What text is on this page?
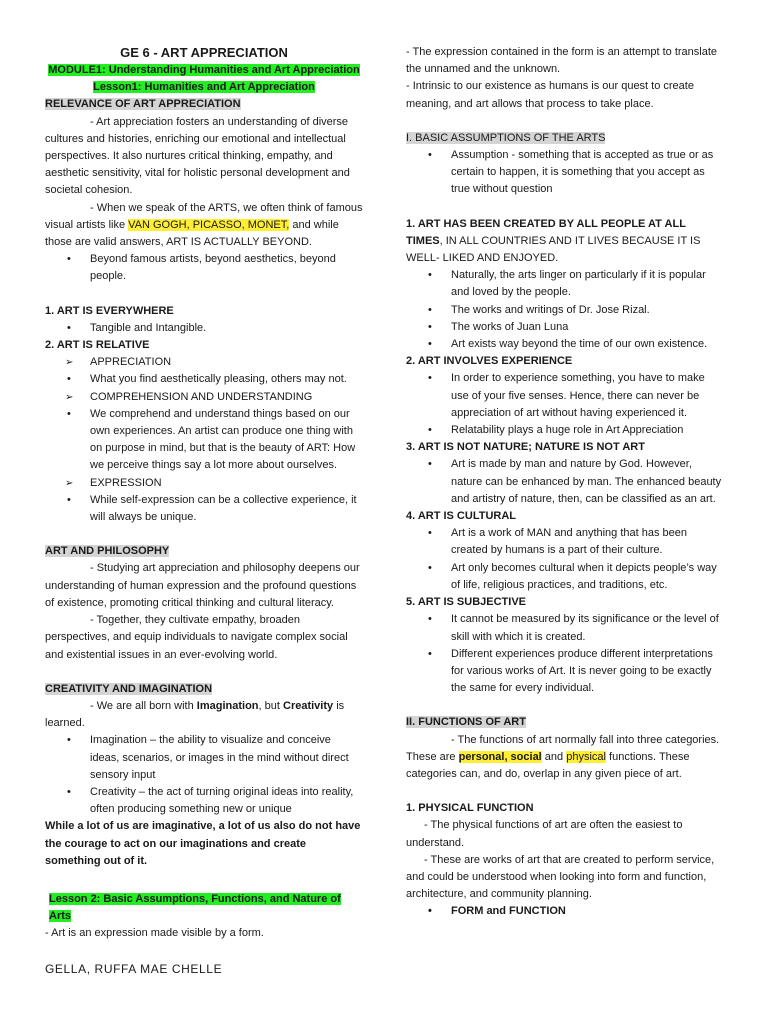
GE 6 - ART APPRECIATION

MODULE1: Understanding Humanities and Art Appreciation

Lesson1: Humanities and Art Appreciation

RELEVANCE OF ART APPRECIATION

- Art appreciation fosters an understanding of diverse cultures and histories, enriching our emotional and intellectual perspectives. It also nurtures critical thinking, empathy, and aesthetic sensitivity, vital for holistic personal development and societal cohesion.

- When we speak of the ARTS, we often think of famous visual artists like VAN GOGH, PICASSO, MONET, and while those are valid answers, ART IS ACTUALLY BEYOND.

• Beyond famous artists, beyond aesthetics, beyond people.

1. ART IS EVERYWHERE

• Tangible and Intangible.

2. ART IS RELATIVE

➢ APPRECIATION
• What you find aesthetically pleasing, others may not.
➢ COMPREHENSION AND UNDERSTANDING
• We comprehend and understand things based on our own experiences. An artist can produce one thing with on purpose in mind, but that is the beauty of ART: How we perceive things say a lot more about ourselves.
➢ EXPRESSION
• While self-expression can be a collective experience, it will always be unique.

ART AND PHILOSOPHY

- Studying art appreciation and philosophy deepens our understanding of human expression and the profound questions of existence, promoting critical thinking and cultural literacy.

- Together, they cultivate empathy, broaden perspectives, and equip individuals to navigate complex social and existential issues in an ever-evolving world.

CREATIVITY AND IMAGINATION

- We are all born with Imagination, but Creativity is learned.

• Imagination – the ability to visualize and conceive ideas, scenarios, or images in the mind without direct sensory input
• Creativity – the act of turning original ideas into reality, often producing something new or unique

While a lot of us are imaginative, a lot of us also do not have the courage to act on our imaginations and create something out of it.

Lesson 2: Basic Assumptions, Functions, and Nature of Arts

- Art is an expression made visible by a form.

GELLA, RUFFA MAE CHELLE

- The expression contained in the form is an attempt to translate the unnamed and the unknown.

- Intrinsic to our existence as humans is our quest to create meaning, and art allows that process to take place.

I. BASIC ASSUMPTIONS OF THE ARTS

• Assumption - something that is accepted as true or as certain to happen, it is something that you accept as true without question

1. ART HAS BEEN CREATED BY ALL PEOPLE AT ALL TIMES, IN ALL COUNTRIES AND IT LIVES BECAUSE IT IS WELL- LIKED AND ENJOYED.

• Naturally, the arts linger on particularly if it is popular and loved by the people.
• The works and writings of Dr. Jose Rizal.
• The works of Juan Luna
• Art exists way beyond the time of our own existence.

2. ART INVOLVES EXPERIENCE

• In order to experience something, you have to make use of your five senses. Hence, there can never be appreciation of art without having experienced it.
• Relatability plays a huge role in Art Appreciation

3. ART IS NOT NATURE; NATURE IS NOT ART

• Art is made by man and nature by God. However, nature can be enhanced by man. The enhanced beauty and artistry of nature, then, can be classified as an art.

4. ART IS CULTURAL

• Art is a work of MAN and anything that has been created by humans is a part of their culture.
• Art only becomes cultural when it depicts people’s way of life, religious practices, and traditions, etc.

5. ART IS SUBJECTIVE

• It cannot be measured by its significance or the level of skill with which it is created.
• Different experiences produce different interpretations for various works of Art. It is never going to be exactly the same for every individual.

II. FUNCTIONS OF ART

- The functions of art normally fall into three categories. These are personal, social and physical functions. These categories can, and do, overlap in any given piece of art.

1. PHYSICAL FUNCTION

- The physical functions of art are often the easiest to understand.

- These are works of art that are created to perform service, and could be understood when looking into form and function, architecture, and community planning.

• FORM and FUNCTION
